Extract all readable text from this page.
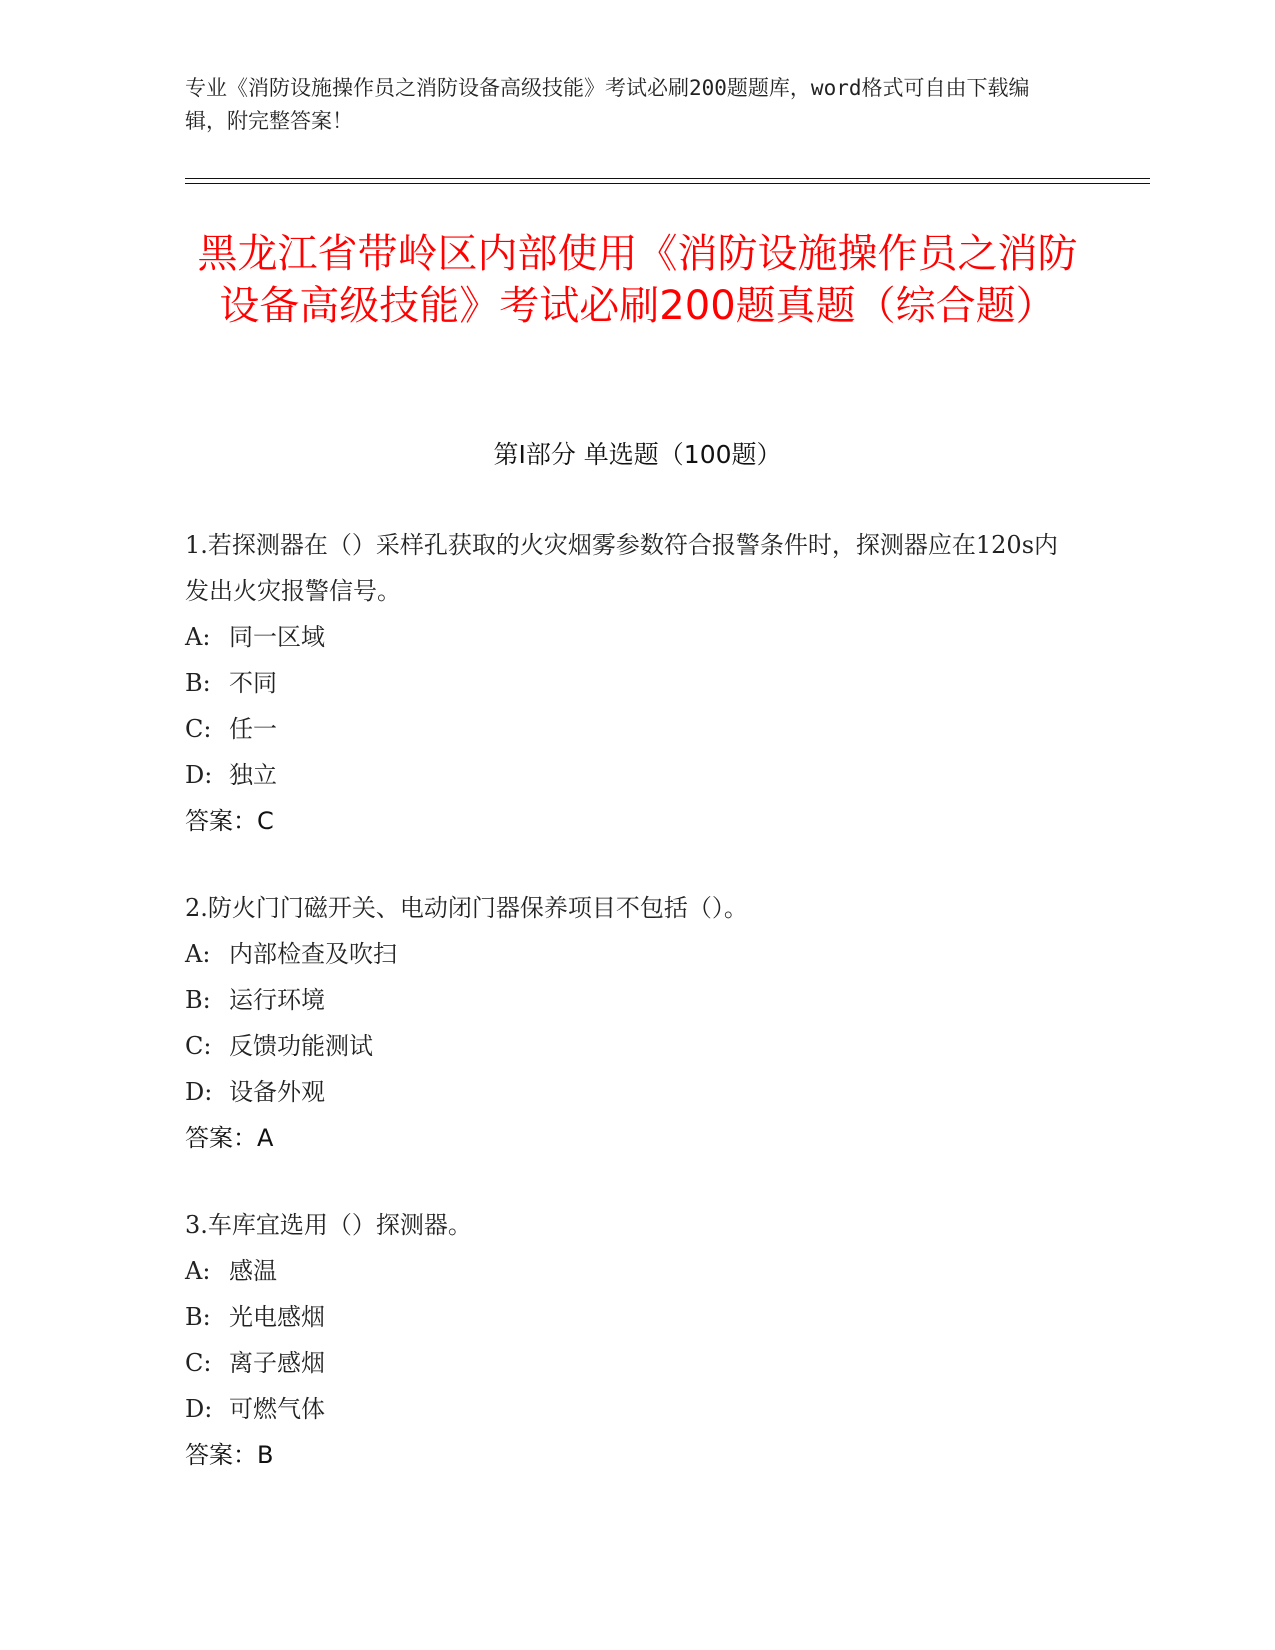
专业《消防设施操作员之消防设备高级技能》考试必刷200题题库，word格式可自由下载编辑，附完整答案！
黑龙江省带岭区内部使用《消防设施操作员之消防设备高级技能》考试必刷200题真题（综合题）
第I部分 单选题（100题）
1.若探测器在（）采样孔获取的火灾烟雾参数符合报警条件时，探测器应在120s内发出火灾报警信号。
A: 同一区域
B: 不同
C: 任一
D: 独立
答案：C
2.防火门门磁开关、电动闭门器保养项目不包括（）。
A: 内部检查及吹扫
B: 运行环境
C: 反馈功能测试
D: 设备外观
答案：A
3.车库宜选用（）探测器。
A: 感温
B: 光电感烟
C: 离子感烟
D: 可燃气体
答案：B
